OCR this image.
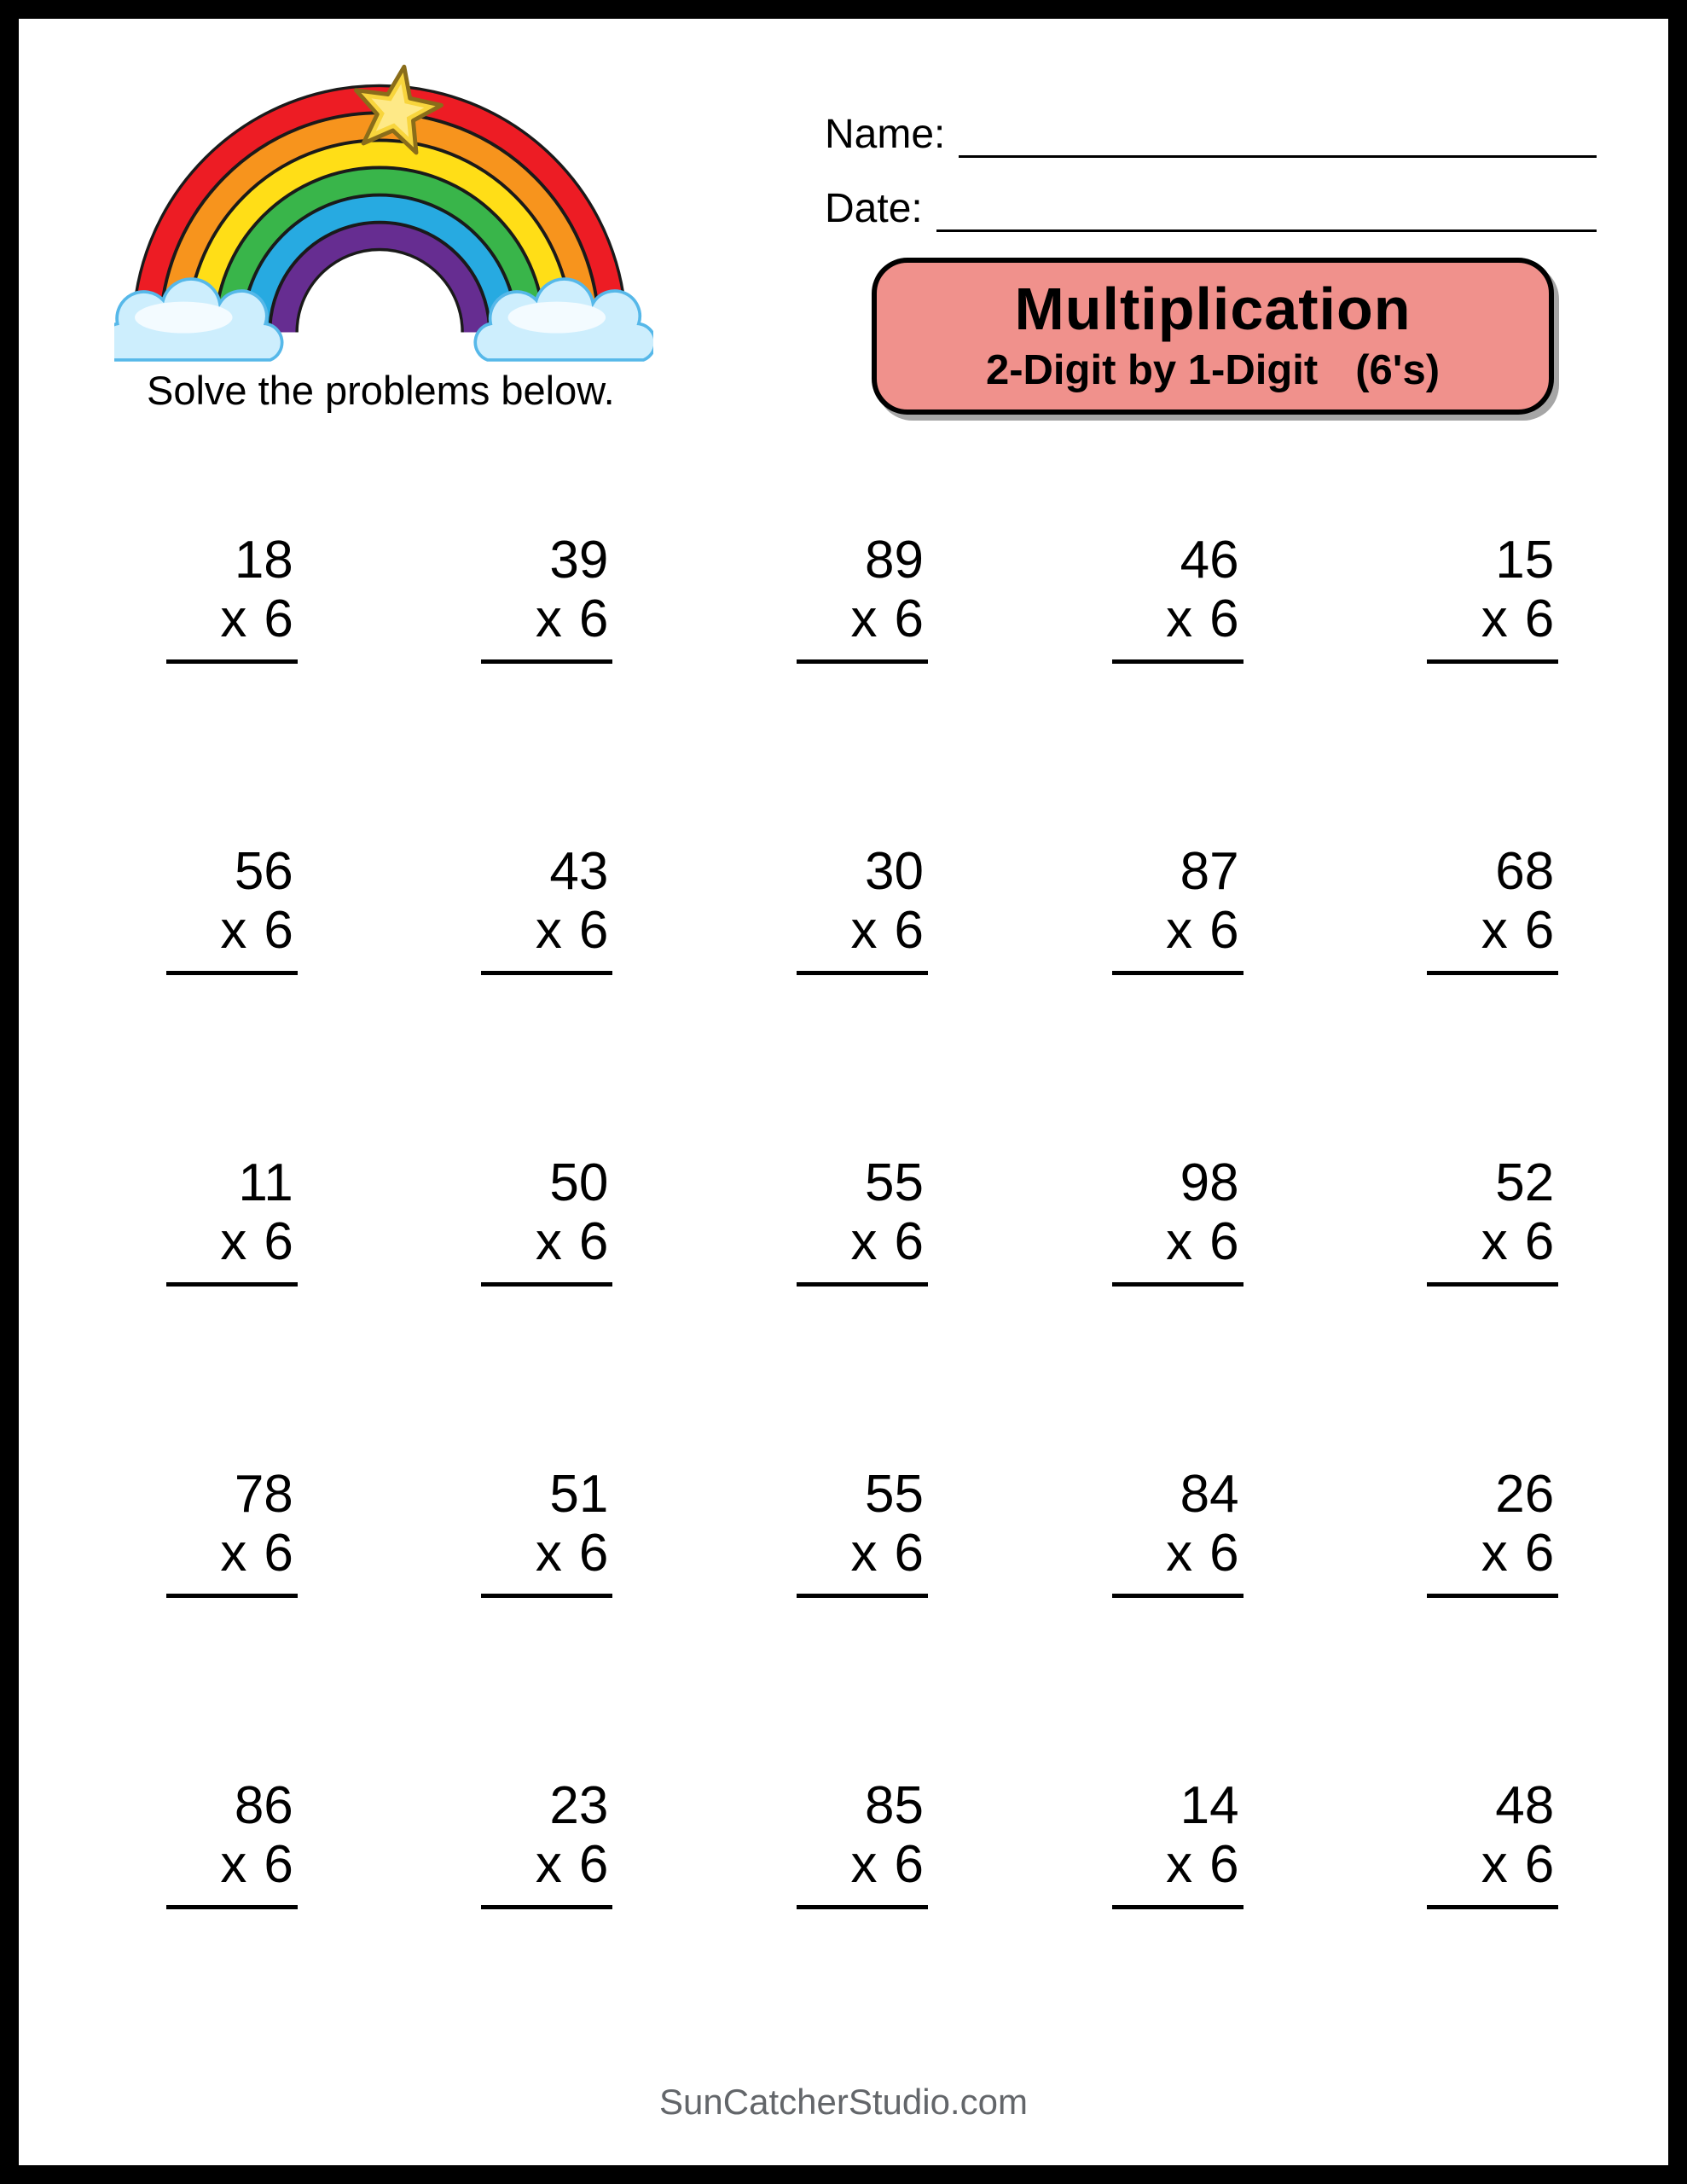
Solve the problems below.
Name:
Date:
Multiplication
2-Digit by 1-Digit (6's)
18
x 6
39
x 6
89
x 6
46
x 6
15
x 6
56
x 6
43
x 6
30
x 6
87
x 6
68
x 6
11
x 6
50
x 6
55
x 6
98
x 6
52
x 6
78
x 6
51
x 6
55
x 6
84
x 6
26
x 6
86
x 6
23
x 6
85
x 6
14
x 6
48
x 6
SunCatcherStudio.com
